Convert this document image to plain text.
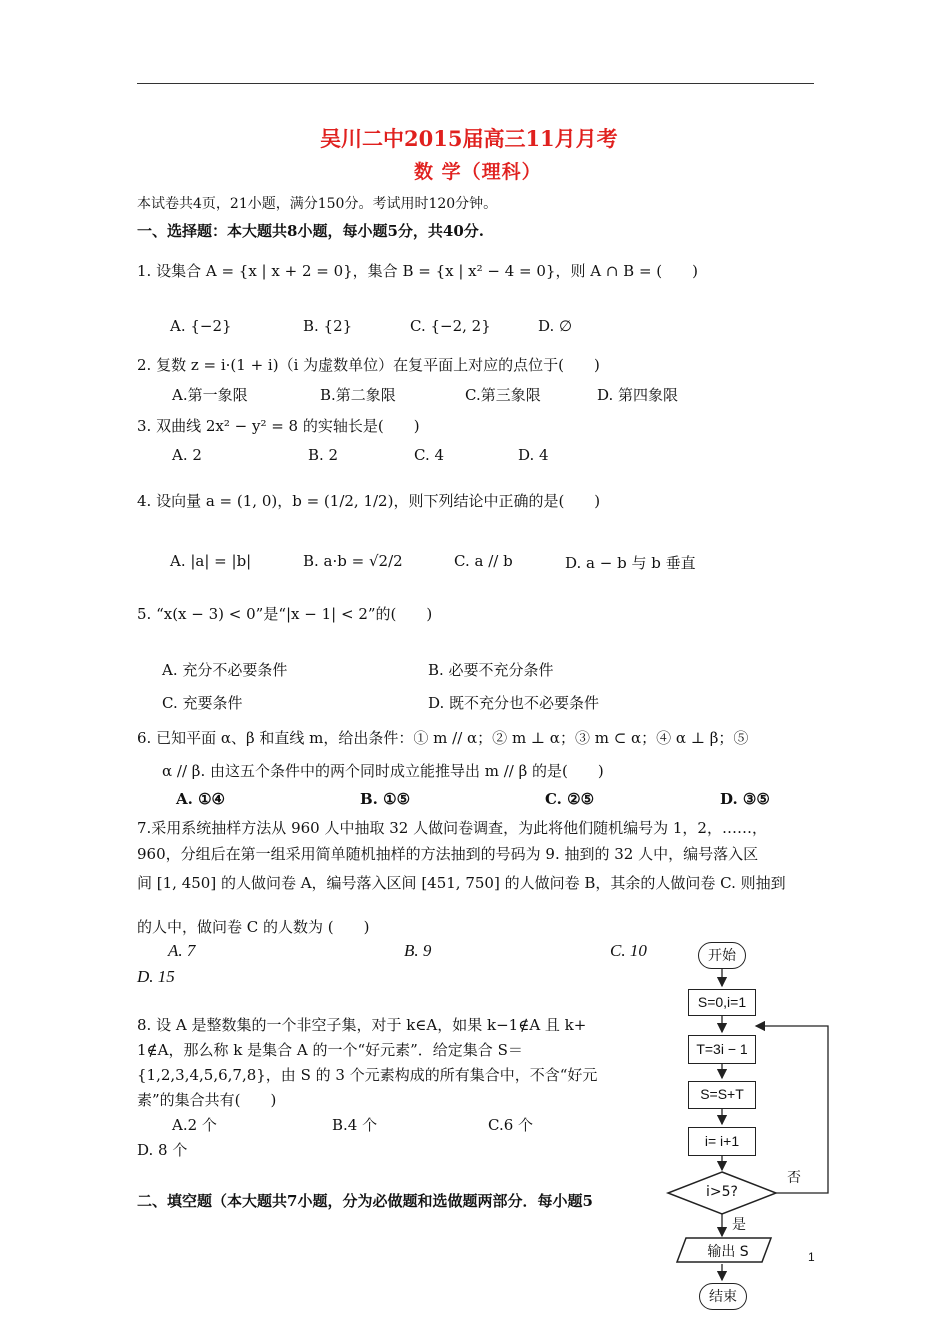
吴川二中2015届高三11月月考
数 学（理科）
本试卷共4页，21小题，满分150分。考试用时120分钟。
一、选择题：本大题共8小题，每小题5分，共40分.
1. 设集合 A = {x | x + 2 = 0}，集合 B = {x | x² − 4 = 0}，则 A ∩ B = (　　)
A. {−2}	B. {2}	C. {−2, 2}	D. ∅
2. 复数 z = i·(1 + i)（i 为虚数单位）在复平面上对应的点位于(　　)
A.第一象限	B.第二象限	C.第三象限	D. 第四象限
3. 双曲线 2x² − y² = 8 的实轴长是(　　)
A. 2	B. 2	C. 4	D. 4
4. 设向量 a = (1, 0)，b = (1/2, 1/2)，则下列结论中正确的是(　　)
A. |a| = |b|	B. a·b = √2/2	C. a // b	D. a − b 与 b 垂直
5. “x(x − 3) < 0”是“|x − 1| < 2”的(　　)
A. 充分不必要条件	B. 必要不充分条件
C. 充要条件	D. 既不充分也不必要条件
6. 已知平面 α、β 和直线 m，给出条件：① m // α；② m ⊥ α；③ m ⊂ α；④ α ⊥ β；⑤
α // β. 由这五个条件中的两个同时成立能推导出 m // β 的是(　　)
A. ①④	B. ①⑤	C. ②⑤	D. ③⑤
7.采用系统抽样方法从 960 人中抽取 32 人做问卷调查，为此将他们随机编号为 1，2，……，
960，分组后在第一组采用简单随机抽样的方法抽到的号码为 9. 抽到的 32 人中，编号落入区
间 [1, 450] 的人做问卷 A，编号落入区间 [451, 750] 的人做问卷 B，其余的人做问卷 C. 则抽到
的人中，做问卷 C 的人数为 (　　)
A. 7	B. 9	C. 10
D. 15
8. 设 A 是整数集的一个非空子集，对于 k∈A，如果 k−1∉A 且 k+
1∉A，那么称 k 是集合 A 的一个“好元素”．给定集合 S＝
{1,2,3,4,5,6,7,8}，由 S 的 3 个元素构成的所有集合中，不含“好元
素”的集合共有(　　)
A.2 个	B.4 个	C.6 个
D. 8 个
二、填空题（本大题共7小题，分为必做题和选做题两部分．每小题5
开始
S=0,i=1
T=3i − 1
S=S+T
i= i+1
i>5?
是
否
输出 S
结束
1
